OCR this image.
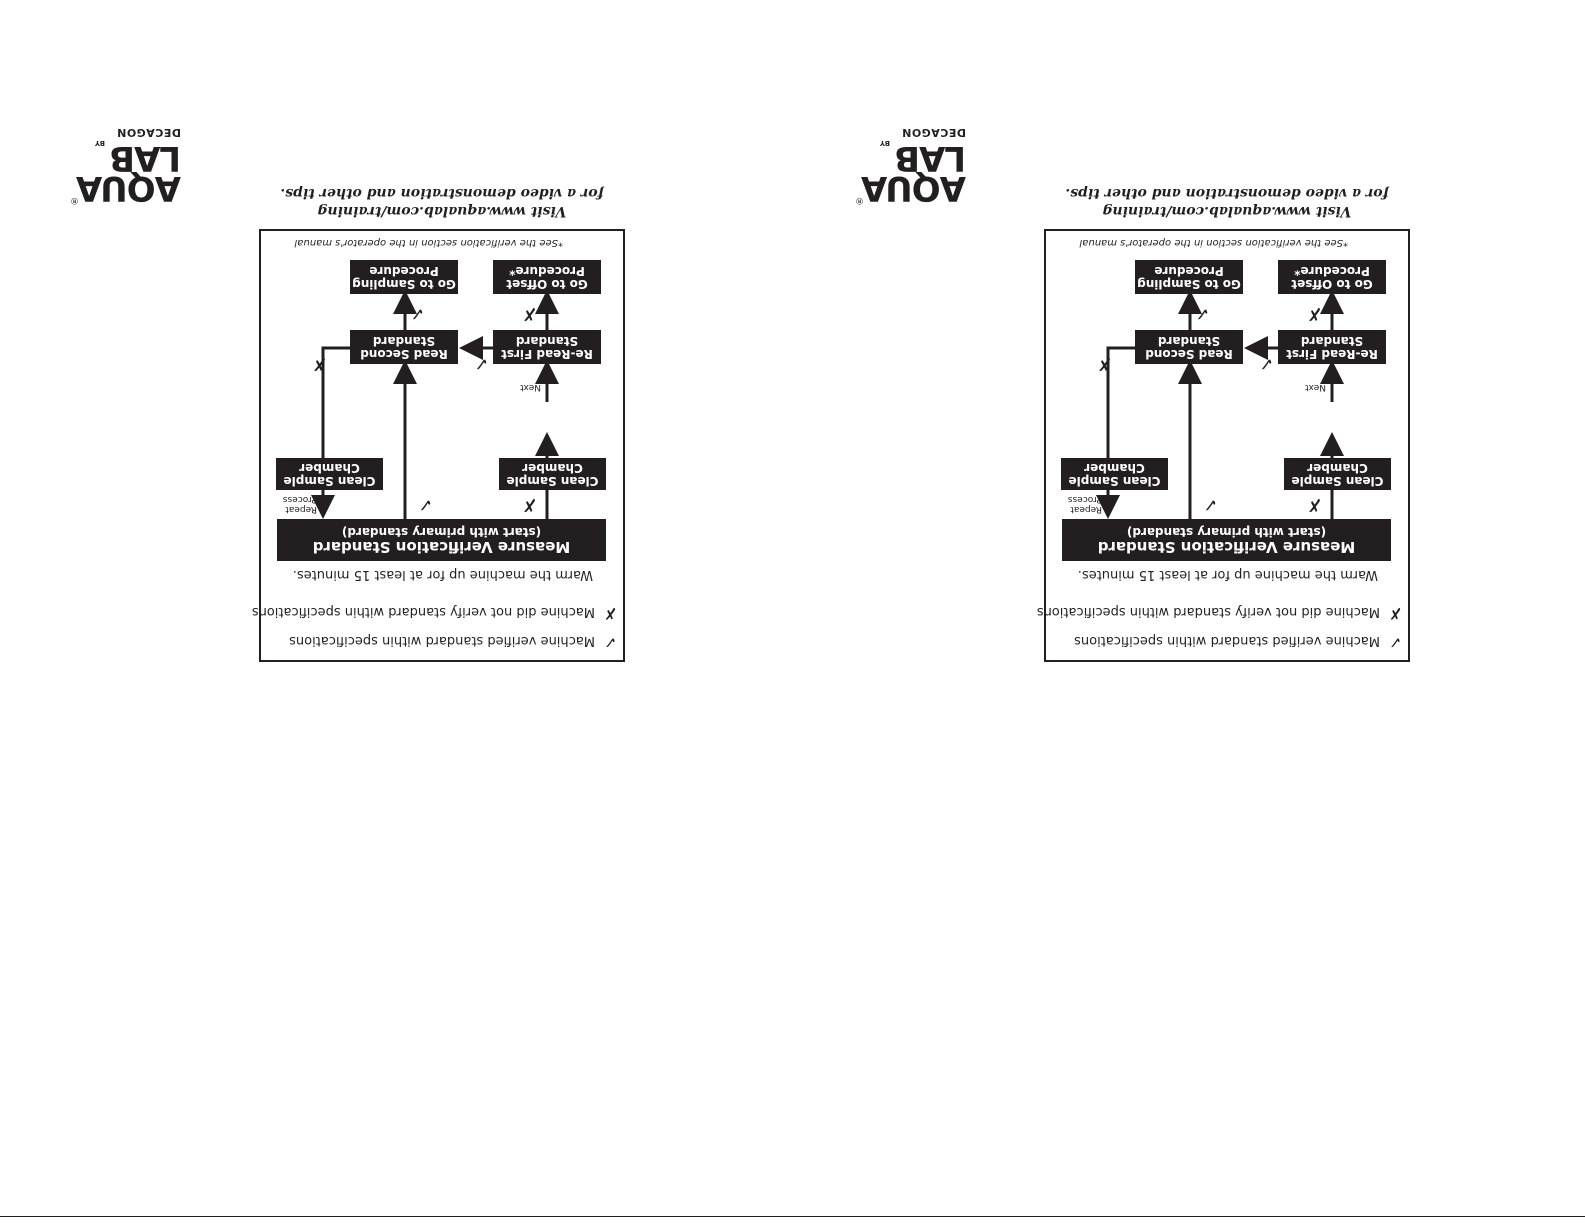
AQUA
®
LAB
BY
DECAGON
✓Machine verified standard within specifications
✗Machine did not verify standard within specifications
Warm the machine up for at least 15 minutes.
Measure Verification Standard
(start with primary standard)
Clean Sample
Chamber
Clean Sample
Chamber
Re-Read First
Standard
Read Second
Standard
Go to Offset
Procedure*
Go to Sampling
Procedure
✗
✓
Next
✓
✗
✗
✓
Repeat
Process
*See the verification section in the operator's manual
Visit www.aqualab.com/training
for a video demonstration and other tips.	AQUA
®
LAB
BY
DECAGON
✓Machine verified standard within specifications
✗Machine did not verify standard within specifications
Warm the machine up for at least 15 minutes.
Measure Verification Standard
(start with primary standard)
Clean Sample
Chamber
Clean Sample
Chamber
Re-Read First
Standard
Read Second
Standard
Go to Offset
Procedure*
Go to Sampling
Procedure
✗
✓
Next
✓
✗
✗
✓
Repeat
Process
*See the verification section in the operator's manual
Visit www.aqualab.com/training
for a video demonstration and other tips.
